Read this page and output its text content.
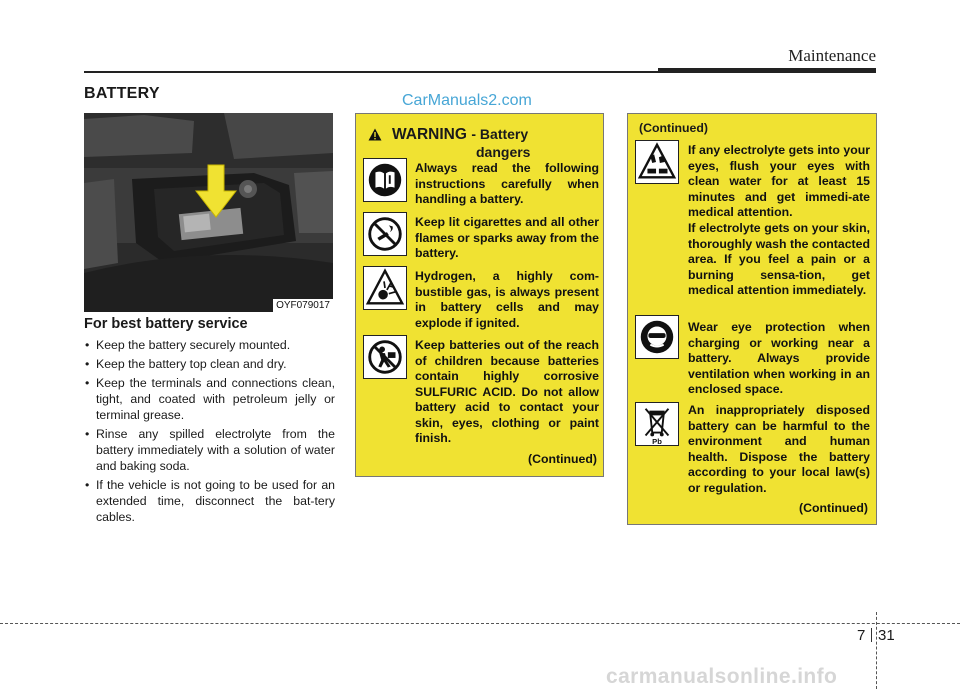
Maintenance
BATTERY	CarManuals2.com
OYF079017
For best battery service
• Keep the battery securely mounted.
• Keep the battery top clean and dry.
• Keep the terminals and connections clean, tight, and coated with petroleum jelly or terminal grease.
• Rinse any spilled electrolyte from the battery immediately with a solution of water and baking soda.
• If the vehicle is not going to be used for an extended time, disconnect the bat-tery cables.
WARNING - Battery
dangers
Always read the following instructions carefully when handling a battery.
Keep lit cigarettes and all other flames or sparks away from the battery.
Hydrogen, a highly com-bustible gas, is always present in battery cells and may explode if ignited.
Keep batteries out of the reach of children because batteries contain highly corrosive SULFURIC ACID. Do not allow battery acid to contact your skin, eyes, clothing or paint finish.
(Continued)
(Continued)
If any electrolyte gets into your eyes, flush your eyes with clean water for at least 15 minutes and get immedi-ate medical attention.
If electrolyte gets on your skin, thoroughly wash the contacted area. If you feel a pain or a burning sensa-tion, get medical attention immediately.
Wear eye protection when charging or working near a battery. Always provide ventilation when working in an enclosed space.
Pb
An inappropriately disposed battery can be harmful to the environment and human health. Dispose the battery according to your local law(s) or regulation.
(Continued)
7 31
carmanualsonline.info
